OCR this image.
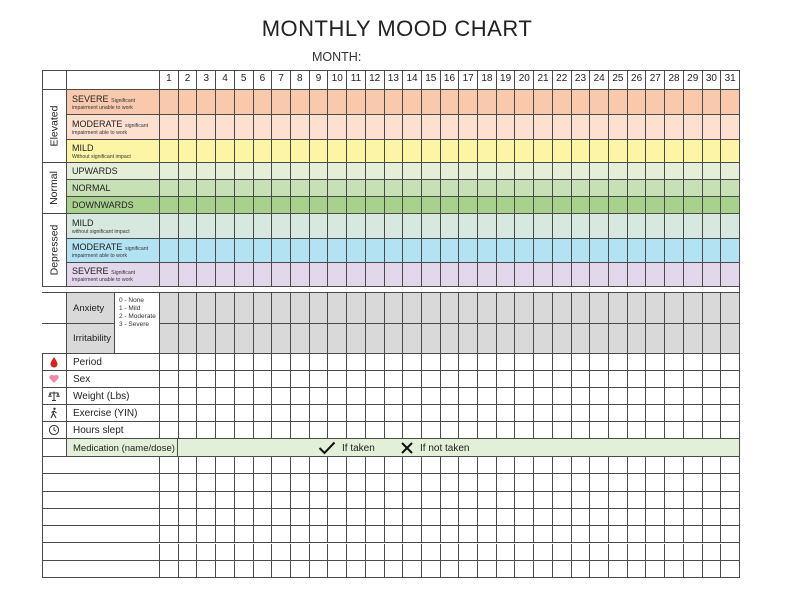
MONTHLY MOOD CHART
MONTH:
1	2	3	4	5	6	7	8	9	10 11 12 13 14 15 16 17 18 19 20 21 22 23 24 25 26 27 28 29 30 31
Elevated
Normal
Depressed
SEVERE Significant
impairment unable to work
MODERATE significant
impairment able to work
MILD
Without significant impact
UPWARDS
NORMAL
DOWNWARDS
MILD
without significant impact
MODERATE significant
impairment able to work
SEVERE Significant
impairment unable to work
0 - None
1 - Mild
2 - Moderate
3 - Severe
Anxiety
Irritability
Period
Sex
Weight (Lbs)
Exercise (YIN)
Hours slept
Medication (name/dose)	If taken	If not taken
